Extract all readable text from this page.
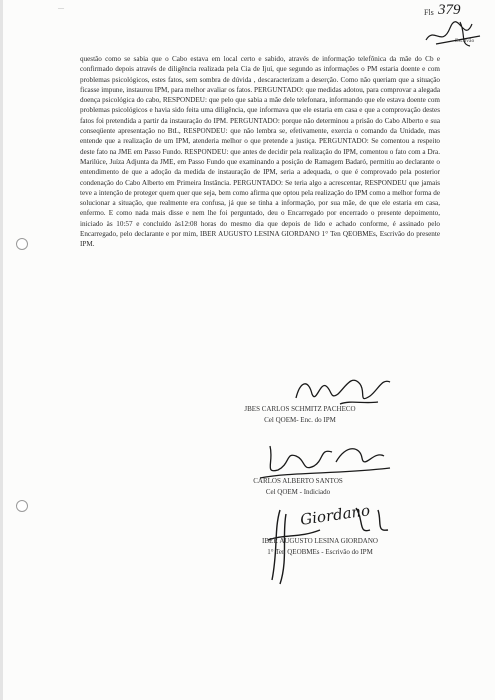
—	Fls 379
Escrivão

questão como se sabia que o Cabo estava em local certo e sabido, através de informação telefônica da mãe do Cb e confirmado depois através de diligência realizada pela Cia de Ijuí, que segundo as informações o PM estaria doente e com problemas psicológicos, estes fatos, sem sombra de dúvida , descaracterizam a deserção. Como não queriam que a situação ficasse impune, instaurou IPM, para melhor avaliar os fatos. PERGUNTADO: que medidas adotou, para comprovar a alegada doença psicológica do cabo, RESPONDEU: que pelo que sabia a mãe dele telefonara, informando que ele estava doente com problemas psicológicos e havia sido feita uma diligência, que informava que ele estaria em casa e que a comprovação destes fatos foi pretendida a partir da instauração do IPM. PERGUNTADO: porque não determinou a prisão do Cabo Alberto e sua conseqüente apresentação no BtL, RESPONDEU: que não lembra se, efetivamente, exercia o comando da Unidade, mas entende que a realização de um IPM, atenderia melhor o que pretende a justiça. PERGUNTADO: Se comentou a respeito deste fato na JME em Passo Fundo. RESPONDEU: que antes de decidir pela realização do IPM, comentou o fato com a Dra. Marilúce, Juíza Adjunta da JME, em Passo Fundo que examinando a posição de Ramagem Badaró, permitiu ao declarante o entendimento de que a adoção da medida de instauração de IPM, seria a adequada, o que é comprovado pela posterior condenação do Cabo Alberto em Primeira Instância. PERGUNTADO: Se teria algo a acrescentar, RESPONDEU que jamais teve a intenção de proteger quem quer que seja, bem como afirma que optou pela realização do IPM como a melhor forma de solucionar a situação, que realmente era confusa, já que se tinha a informação, por sua mãe, de que ele estaria em casa, enfermo. E como nada mais disse e nem lhe foi perguntado, deu o Encarregado por encerrado o presente depoimento, iniciado às 10:57 e concluído às12:08 horas do mesmo dia que depois de lido e achado conforme, é assinado pelo Encarregado, pelo declarante e por mim, IBER AUGUSTO LESINA GIORDANO 1° Ten QEOBMEs, Escrivão do presente IPM.

JBES CARLOS SCHMITZ PACHECO
Cel QOEM- Enc. do IPM
CARLOS ALBERTO SANTOS
Cel QOEM - Indiciado
Giordano
IBER AUGUSTO LESINA GIORDANO
1° Ten QEOBMEs - Escrivão do IPM
